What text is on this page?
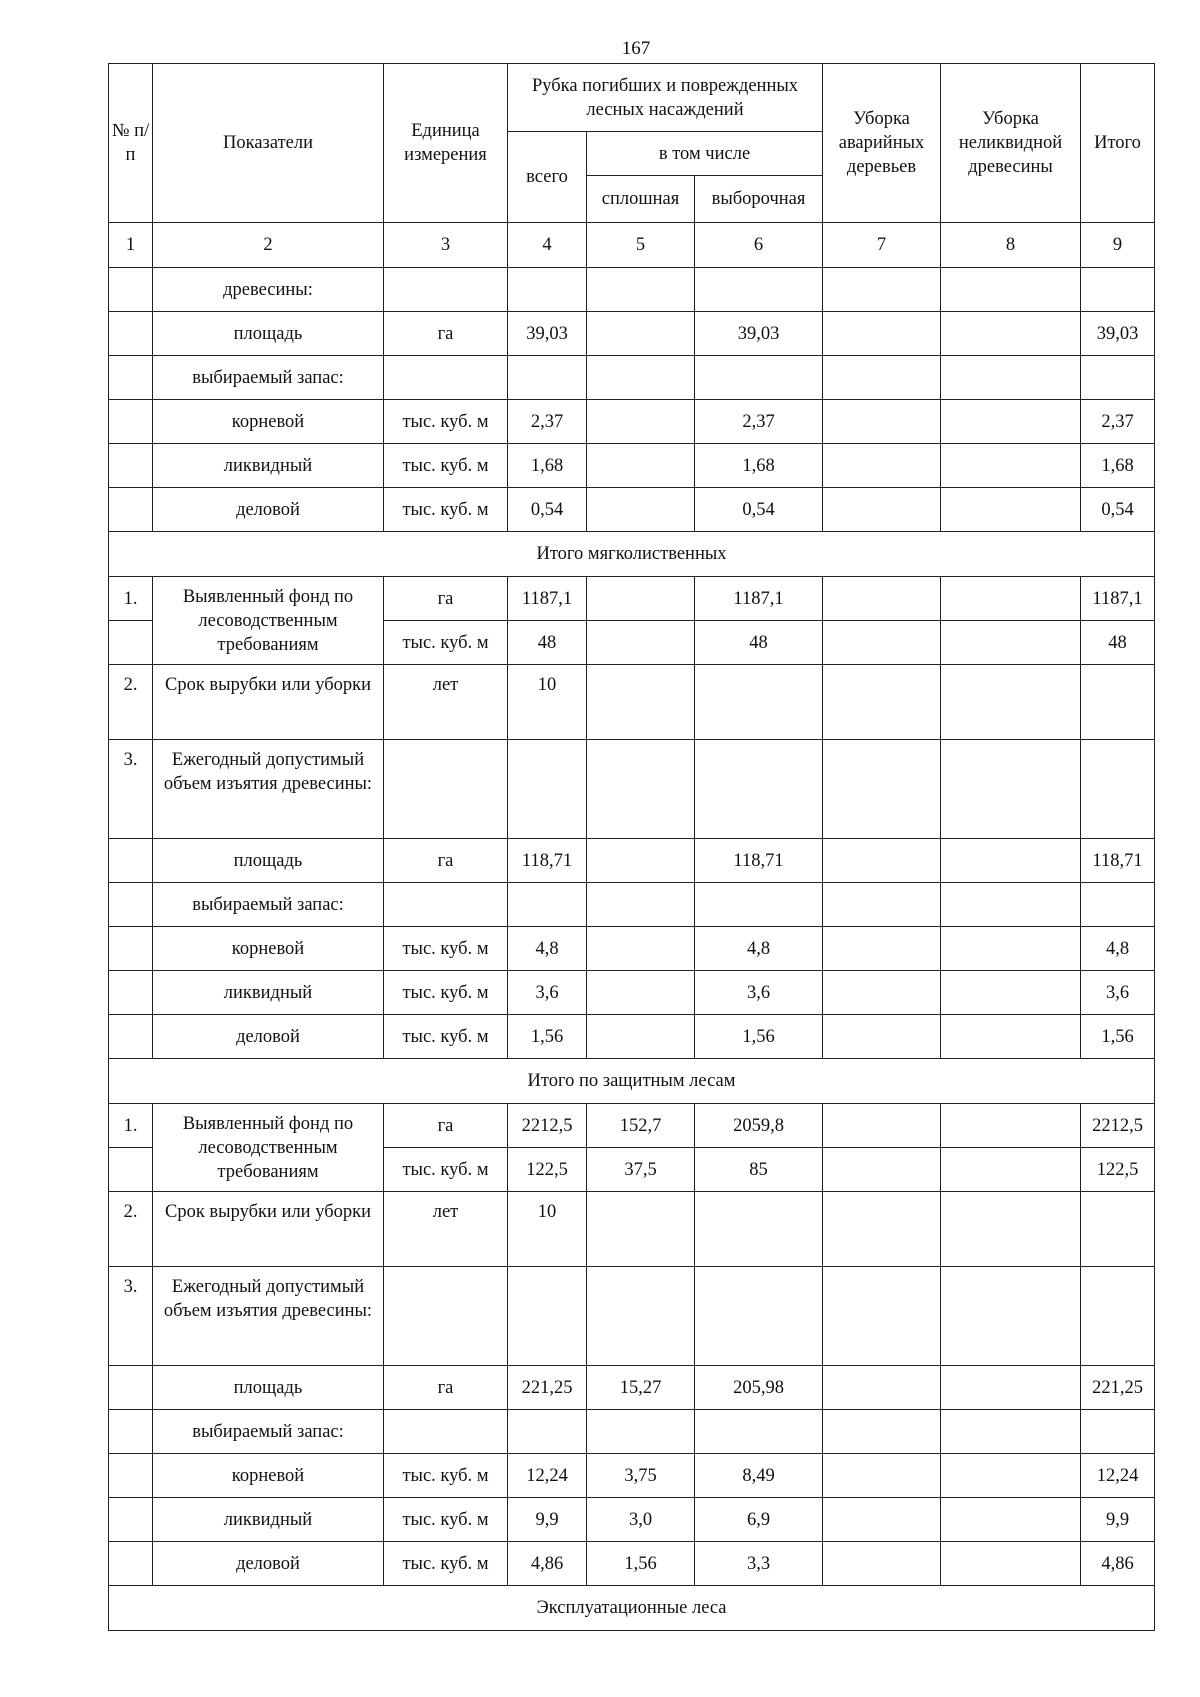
167
№ п/п	Показатели	Единица измерения	Рубка погибших и поврежденных лесных насаждений			Уборка аварийных деревьев	Уборка неликвидной древесины	Итого
			всего	в том числе				
				сплошная	выборочная			
1	2	3	4	5	6	7	8	9
	древесины:							
	площадь	га	39,03		39,03			39,03
	выбираемый запас:							
	корневой	тыс. куб. м	2,37		2,37			2,37
	ликвидный	тыс. куб. м	1,68		1,68			1,68
	деловой	тыс. куб. м	0,54		0,54			0,54
Итого мягколиственных								
1.	Выявленный фонд по лесоводственным требованиям	га	1187,1		1187,1			1187,1
		тыс. куб. м	48		48			48
2.	Срок вырубки или уборки	лет	10					
3.	Ежегодный допустимый объем изъятия древесины:							
	площадь	га	118,71		118,71			118,71
	выбираемый запас:							
	корневой	тыс. куб. м	4,8		4,8			4,8
	ликвидный	тыс. куб. м	3,6		3,6			3,6
	деловой	тыс. куб. м	1,56		1,56			1,56
Итого по защитным лесам								
1.	Выявленный фонд по лесоводственным требованиям	га	2212,5	152,7	2059,8			2212,5
		тыс. куб. м	122,5	37,5	85			122,5
2.	Срок вырубки или уборки	лет	10					
3.	Ежегодный допустимый объем изъятия древесины:							
	площадь	га	221,25	15,27	205,98			221,25
	выбираемый запас:							
	корневой	тыс. куб. м	12,24	3,75	8,49			12,24
	ликвидный	тыс. куб. м	9,9	3,0	6,9			9,9
	деловой	тыс. куб. м	4,86	1,56	3,3			4,86
Эксплуатационные леса								
